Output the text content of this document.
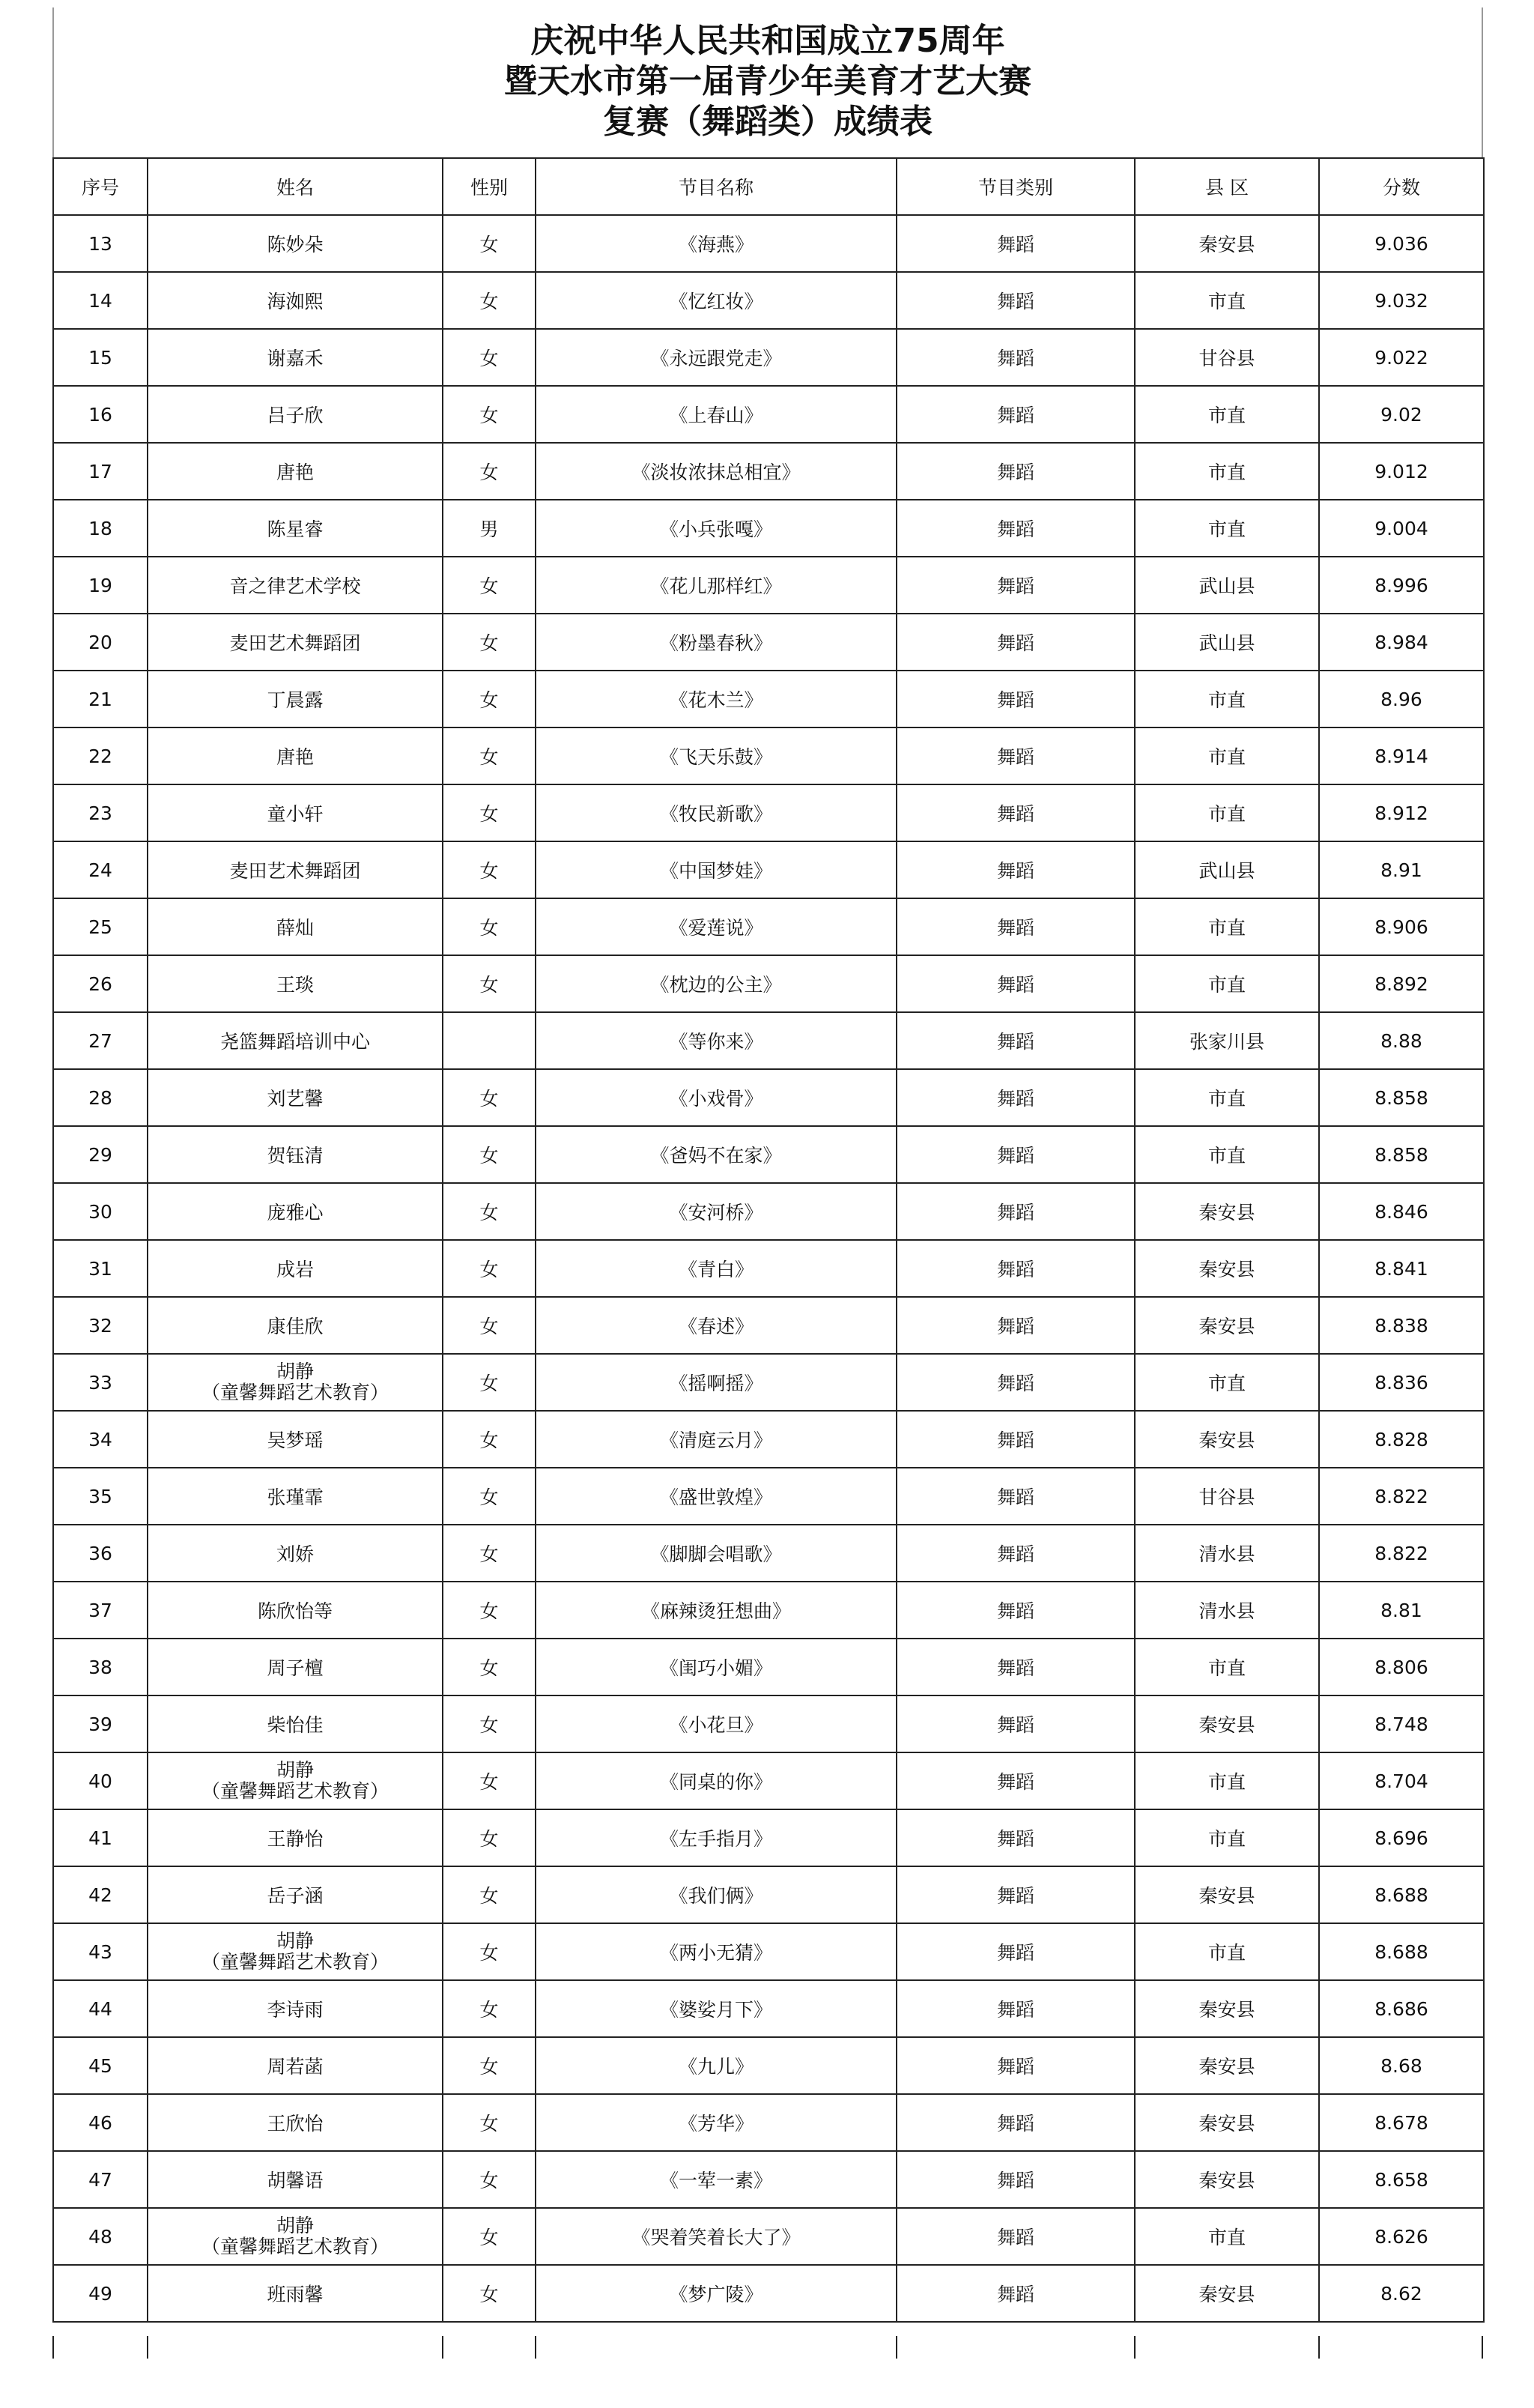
庆祝中华人民共和国成立75周年
暨天水市第一届青少年美育才艺大赛
复赛（舞蹈类）成绩表
序号	姓名	性别	节目名称	节目类别	县 区	分数
13	陈妙朵	女	《海燕》	舞蹈	秦安县	9.036
14	海洳熙	女	《忆红妆》	舞蹈	市直	9.032
15	谢嘉禾	女	《永远跟党走》	舞蹈	甘谷县	9.022
16	吕子欣	女	《上春山》	舞蹈	市直	9.02
17	唐艳	女	《淡妆浓抹总相宜》	舞蹈	市直	9.012
18	陈星睿	男	《小兵张嘎》	舞蹈	市直	9.004
19	音之律艺术学校	女	《花儿那样红》	舞蹈	武山县	8.996
20	麦田艺术舞蹈团	女	《粉墨春秋》	舞蹈	武山县	8.984
21	丁晨露	女	《花木兰》	舞蹈	市直	8.96
22	唐艳	女	《飞天乐鼓》	舞蹈	市直	8.914
23	童小轩	女	《牧民新歌》	舞蹈	市直	8.912
24	麦田艺术舞蹈团	女	《中国梦娃》	舞蹈	武山县	8.91
25	薛灿	女	《爱莲说》	舞蹈	市直	8.906
26	王琰	女	《枕边的公主》	舞蹈	市直	8.892
27	尧篮舞蹈培训中心		《等你来》	舞蹈	张家川县	8.88
28	刘艺馨	女	《小戏骨》	舞蹈	市直	8.858
29	贺钰清	女	《爸妈不在家》	舞蹈	市直	8.858
30	庞雅心	女	《安河桥》	舞蹈	秦安县	8.846
31	成岩	女	《青白》	舞蹈	秦安县	8.841
32	康佳欣	女	《春述》	舞蹈	秦安县	8.838
33	胡静
（童馨舞蹈艺术教育）	女	《摇啊摇》	舞蹈	市直	8.836
34	吴梦瑶	女	《清庭云月》	舞蹈	秦安县	8.828
35	张瑾霏	女	《盛世敦煌》	舞蹈	甘谷县	8.822
36	刘娇	女	《脚脚会唱歌》	舞蹈	清水县	8.822
37	陈欣怡等	女	《麻辣烫狂想曲》	舞蹈	清水县	8.81
38	周子檀	女	《闺巧小媚》	舞蹈	市直	8.806
39	柴怡佳	女	《小花旦》	舞蹈	秦安县	8.748
40	胡静
（童馨舞蹈艺术教育）	女	《同桌的你》	舞蹈	市直	8.704
41	王静怡	女	《左手指月》	舞蹈	市直	8.696
42	岳子涵	女	《我们俩》	舞蹈	秦安县	8.688
43	胡静
（童馨舞蹈艺术教育）	女	《两小无猜》	舞蹈	市直	8.688
44	李诗雨	女	《婆娑月下》	舞蹈	秦安县	8.686
45	周若菡	女	《九儿》	舞蹈	秦安县	8.68
46	王欣怡	女	《芳华》	舞蹈	秦安县	8.678
47	胡馨语	女	《一荤一素》	舞蹈	秦安县	8.658
48	胡静
（童馨舞蹈艺术教育）	女	《哭着笑着长大了》	舞蹈	市直	8.626
49	班雨馨	女	《梦广陵》	舞蹈	秦安县	8.62
